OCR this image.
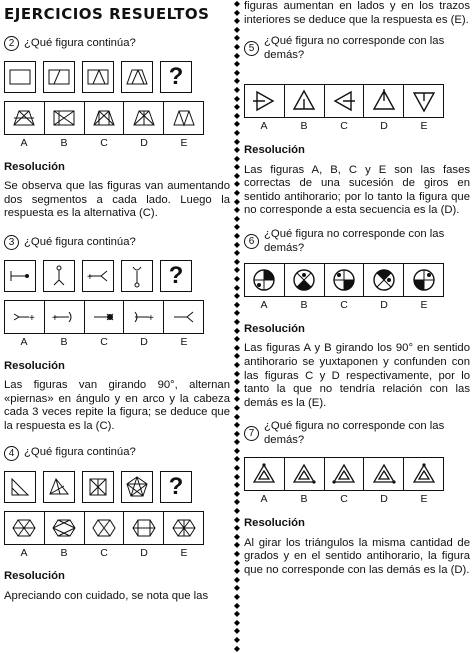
EJERCICIOS RESUELTOS
2 ¿Qué figura continúa?
?
A	B	C	D	E
Resolución
Se observa que las figuras van aumentando dos segmentos a cada lado. Luego la respuesta es la alternativa (C).
3 ¿Qué figura continúa?
+	?
+ +	+
A	B	C	D	E
Resolución
Las figuras van girando 90°, alternan «piernas» en ángulo y en arco y la cabeza cada 3 veces repite la figura; se deduce que la respuesta es la (C).
4 ¿Qué figura continúa?
?
A	B	C	D	E
Resolución
Apreciando con cuidado, se nota que las
◆
◆
◆
◆
◆
◆
◆
◆
◆
◆
◆
◆
◆
◆
◆
◆
◆
◆
◆
◆
◆
◆
◆
◆
◆
◆
◆
◆
◆
◆
◆
◆
◆
◆
◆
◆
◆
◆
◆
◆
◆
◆
◆
◆
◆
◆
◆
◆
◆
◆
◆
◆
◆
◆
◆
◆
◆
◆
◆
◆
◆
◆
◆
◆
◆
◆
◆
◆
◆
◆
◆
◆
◆
◆
◆
◆

figuras aumentan en lados y en los trazos interiores se deduce que la respuesta es (E).
5
¿Qué figura no corresponde con las demás?
A	B	C	D	E
Resolución
Las figuras A, B, C y E son las fases correctas de una sucesión de giros en sentido antihorario; por lo tanto la figura que no corresponde a esta secuencia es la (D).
6
¿Qué figura no corresponde con las demás?
A	B	C	D	E
Resolución
Las figuras A y B girando los 90° en sentido antihorario se yuxtaponen y confunden con las figuras C y D respectivamente, por lo tanto la que no tendría relación con las demás es la (E).
7
¿Qué figura no corresponde con las demás?
A	B	C	D	E
Resolución
Al girar los triángulos la misma cantidad de grados y en el sentido antihorario, la figura que no corresponde con las demás es la (D).
